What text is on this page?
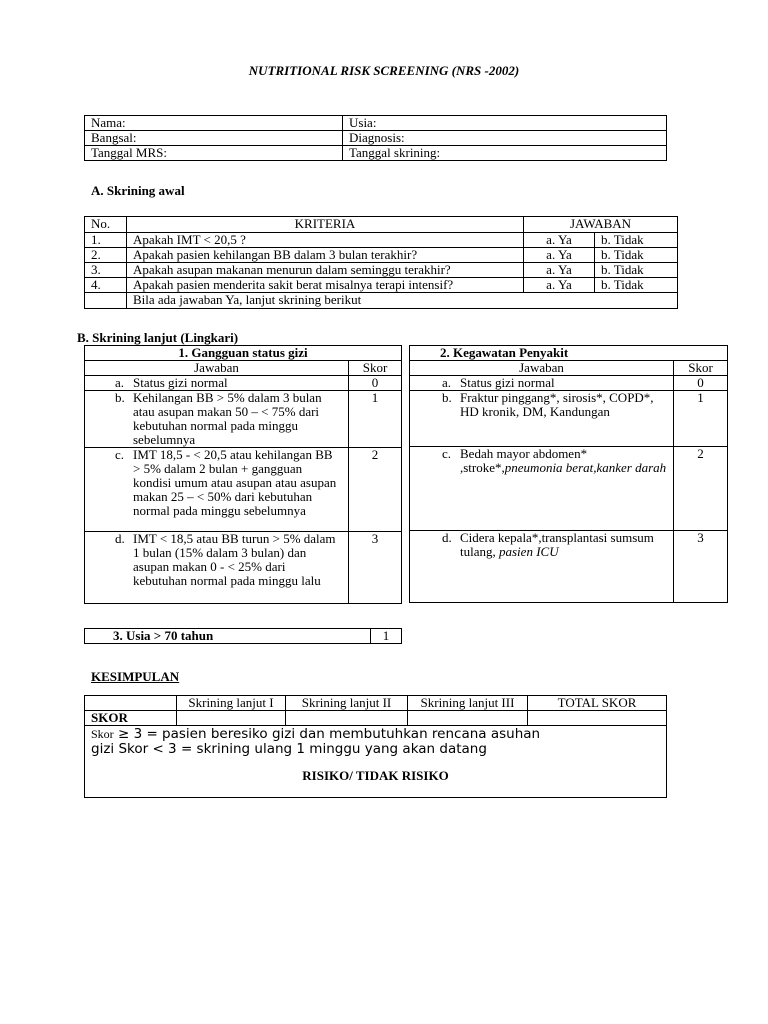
NUTRITIONAL RISK SCREENING (NRS -2002)
Nama:	Usia:
Bangsal:	Diagnosis:
Tanggal MRS:	Tanggal skrining:
A. Skrining awal
No.	KRITERIA	JAWABAN	
1.	Apakah IMT < 20,5 ?	a. Ya	b. Tidak
2.	Apakah pasien kehilangan BB dalam 3 bulan terakhir?	a. Ya	b. Tidak
3.	Apakah asupan makanan menurun dalam seminggu terakhir?	a. Ya	b. Tidak
4.	Apakah pasien menderita sakit berat misalnya terapi intensif?	a. Ya	b. Tidak
	Bila ada jawaban Ya, lanjut skrining berikut		
B. Skrining lanjut (Lingkari)
1. Gangguan status gizi	
Jawaban	Skor

a. Status gizi normal	0

b. Kehilangan BB > 5% dalam 3 bulan atau asupan makan 50 – < 75% dari kebutuhan normal pada minggu sebelumnya	1

c. IMT 18,5 - < 20,5 atau kehilangan BB > 5% dalam 2 bulan + gangguan kondisi umum atau asupan atau asupan makan 25 – < 50% dari kebutuhan normal pada minggu sebelumnya	2

d. IMT < 18,5 atau BB turun > 5% dalam 1 bulan (15% dalam 3 bulan) dan asupan makan 0 - < 25% dari kebutuhan normal pada minggu lalu	3
2. Kegawatan Penyakit	
Jawaban	Skor

a. Status gizi normal	0

b. Fraktur pinggang*, sirosis*, COPD*, HD kronik, DM, Kandungan	1

c. Bedah mayor abdomen* ,stroke*,pneumonia berat,kanker darah	2

d. Cidera kepala*,transplantasi sumsum tulang, pasien ICU	3
3. Usia > 70 tahun	1
KESIMPULAN
	Skrining lanjut I	Skrining lanjut II	Skrining lanjut III	TOTAL SKOR
SKOR				

Skor ≥ 3 = pasien beresiko gizi dan membutuhkan rencana asuhan gizi Skor < 3 = skrining ulang 1 minggu yang akan datang
RISIKO/ TIDAK RISIKO				
